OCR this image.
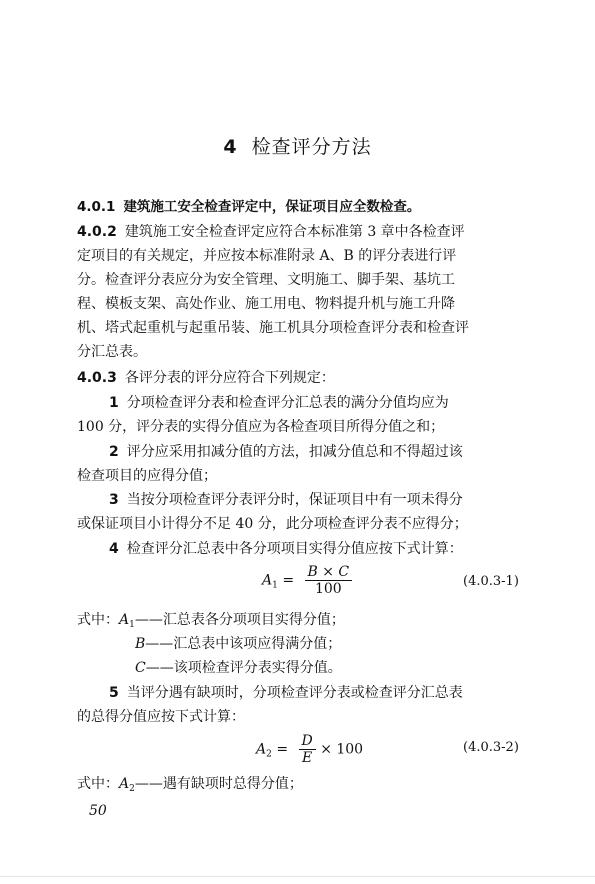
4 检查评分方法
4.0.1 建筑施工安全检查评定中，保证项目应全数检查。
4.0.2 建筑施工安全检查评定应符合本标准第 3 章中各检查评
定项目的有关规定，并应按本标准附录 A、B 的评分表进行评
分。检查评分表应分为安全管理、文明施工、脚手架、基坑工
程、模板支架、高处作业、施工用电、物料提升机与施工升降
机、塔式起重机与起重吊装、施工机具分项检查评分表和检查评
分汇总表。
4.0.3 各评分表的评分应符合下列规定：
1 分项检查评分表和检查评分汇总表的满分分值均应为
100 分，评分表的实得分值应为各检查项目所得分值之和；
2 评分应采用扣减分值的方法，扣减分值总和不得超过该
检查项目的应得分值；
3 当按分项检查评分表评分时，保证项目中有一项未得分
或保证项目小计得分不足 40 分，此分项检查评分表不应得分；
4 检查评分汇总表中各分项项目实得分值应按下式计算：
$A_1 = \frac{B \times C}{100}$	(4.0.3-1)
式中：$A_1——$汇总表各分项项目实得分值；
B——汇总表中该项应得满分值；
C——该项检查评分表实得分值。
5 当评分遇有缺项时，分项检查评分表或检查评分汇总表
的总得分值应按下式计算：
$A_2 = \frac{D}{E} \times 100$	(4.0.3-2)
式中：$A_2——$遇有缺项时总得分值；
50
